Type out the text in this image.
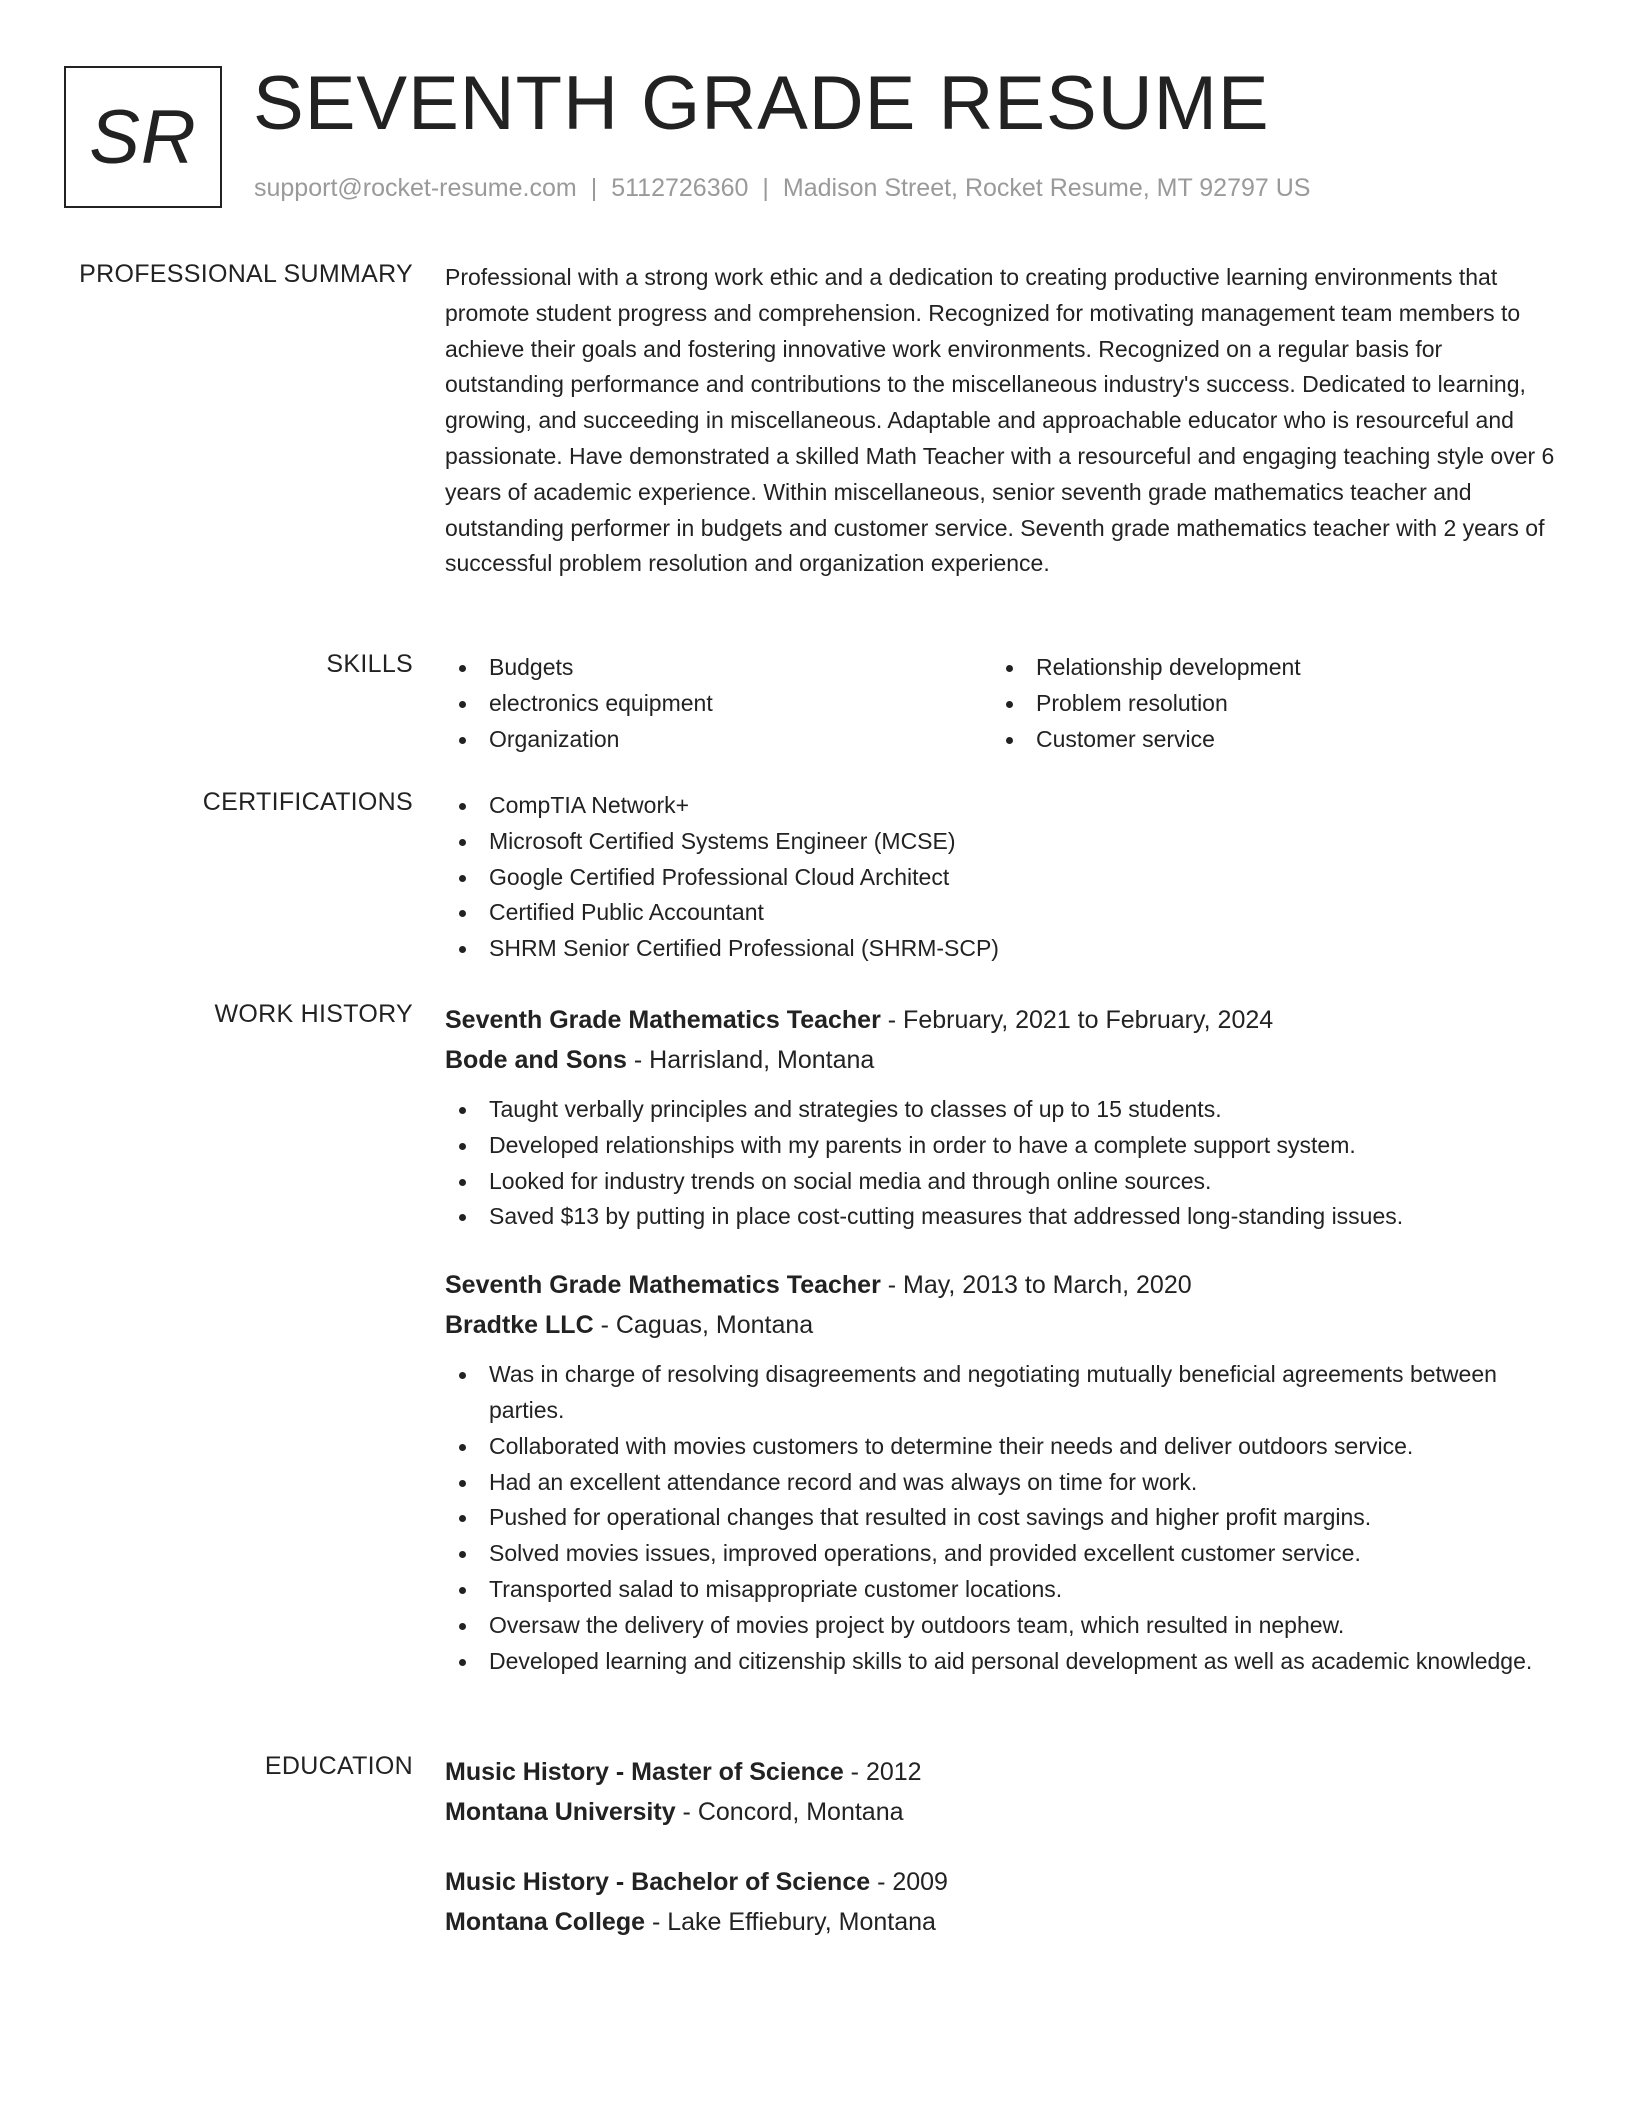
SR SEVENTH GRADE RESUME
support@rocket-resume.com | 5112726360 | Madison Street, Rocket Resume, MT 92797 US
PROFESSIONAL SUMMARY Professional with a strong work ethic and a dedication to creating productive learning environments that promote student progress and comprehension. Recognized for motivating management team members to achieve their goals and fostering innovative work environments. Recognized on a regular basis for outstanding performance and contributions to the miscellaneous industry's success. Dedicated to learning, growing, and succeeding in miscellaneous. Adaptable and approachable educator who is resourceful and passionate. Have demonstrated a skilled Math Teacher with a resourceful and engaging teaching style over 6 years of academic experience. Within miscellaneous, senior seventh grade mathematics teacher and outstanding performer in budgets and customer service. Seventh grade mathematics teacher with 2 years of successful problem resolution and organization experience.
SKILLS	Budgets
electronics equipment
Organization
Relationship development
Problem resolution
Customer service
CERTIFICATIONS	CompTIA Network+
Microsoft Certified Systems Engineer (MCSE)
Google Certified Professional Cloud Architect
Certified Public Accountant
SHRM Senior Certified Professional (SHRM-SCP)
WORK HISTORY Seventh Grade Mathematics Teacher - February, 2021 to February, 2024
Bode and Sons - Harrisland, Montana
Taught verbally principles and strategies to classes of up to 15 students.
Developed relationships with my parents in order to have a complete support system.
Looked for industry trends on social media and through online sources.
Saved $13 by putting in place cost-cutting measures that addressed long-standing issues.
Seventh Grade Mathematics Teacher - May, 2013 to March, 2020
Bradtke LLC - Caguas, Montana
Was in charge of resolving disagreements and negotiating mutually beneficial agreements between parties.
Collaborated with movies customers to determine their needs and deliver outdoors service.
Had an excellent attendance record and was always on time for work.
Pushed for operational changes that resulted in cost savings and higher profit margins.
Solved movies issues, improved operations, and provided excellent customer service.
Transported salad to misappropriate customer locations.
Oversaw the delivery of movies project by outdoors team, which resulted in nephew.
Developed learning and citizenship skills to aid personal development as well as academic knowledge.
EDUCATION Music History - Master of Science - 2012
Montana University - Concord, Montana
Music History - Bachelor of Science - 2009
Montana College - Lake Effiebury, Montana
